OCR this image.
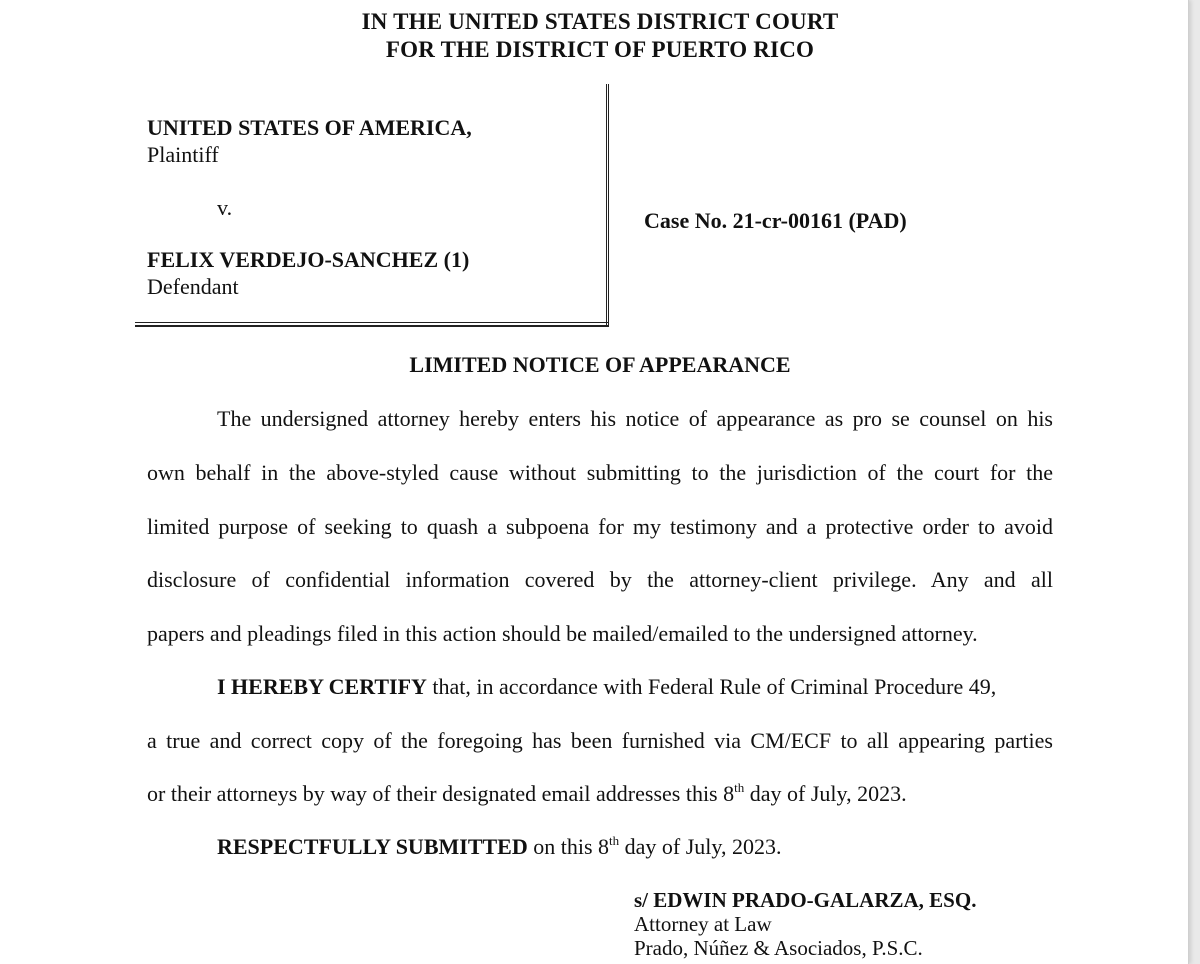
IN THE UNITED STATES DISTRICT COURT
FOR THE DISTRICT OF PUERTO RICO
UNITED STATES OF AMERICA,
Plaintiff
v.
FELIX VERDEJO-SANCHEZ (1)
Defendant
Case No. 21-cr-00161 (PAD)
LIMITED NOTICE OF APPEARANCE
The undersigned attorney hereby enters his notice of appearance as pro se counsel on his
own behalf in the above-styled cause without submitting to the jurisdiction of the court for the
limited purpose of seeking to quash a subpoena for my testimony and a protective order to avoid
disclosure of confidential information covered by the attorney-client privilege. Any and all
papers and pleadings filed in this action should be mailed/emailed to the undersigned attorney.
I HEREBY CERTIFY that, in accordance with Federal Rule of Criminal Procedure 49,
a true and correct copy of the foregoing has been furnished via CM/ECF to all appearing parties
or their attorneys by way of their designated email addresses this 8th day of July, 2023.
RESPECTFULLY SUBMITTED on this 8th day of July, 2023.
s/ EDWIN PRADO-GALARZA, ESQ.
Attorney at Law
Prado, Núñez & Asociados, P.S.C.
